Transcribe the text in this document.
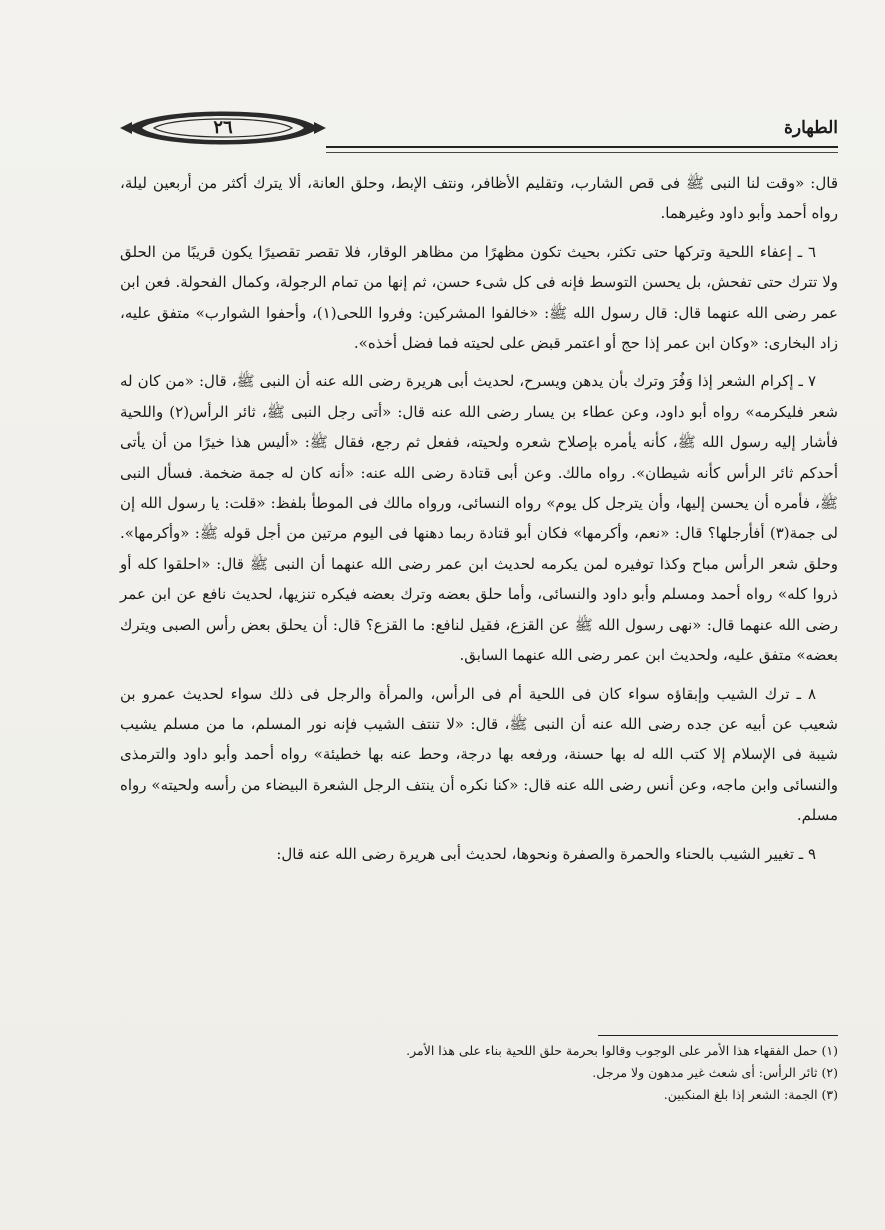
٢٦	الطهارة

قال: «وقت لنا النبى ﷺ فى قص الشارب، وتقليم الأظافر، ونتف الإبط، وحلق العانة، ألا يترك أكثر من أربعين ليلة، رواه أحمد وأبو داود وغيرهما.

٦ ـ إعفاء اللحية وتركها حتى تكثر، بحيث تكون مظهرًا من مظاهر الوقار، فلا تقصر تقصيرًا يكون قريبًا من الحلق ولا تترك حتى تفحش، بل يحسن التوسط فإنه فى كل شىء حسن، ثم إنها من تمام الرجولة، وكمال الفحولة. فعن ابن عمر رضى الله عنهما قال: قال رسول الله ﷺ: «خالفوا المشركين: وفروا اللحى(١)، وأحفوا الشوارب» متفق عليه، زاد البخارى: «وكان ابن عمر إذا حج أو اعتمر قبض على لحيته فما فضل أخذه».

٧ ـ إكرام الشعر إذا وَفُرَ وترك بأن يدهن ويسرح، لحديث أبى هريرة رضى الله عنه أن النبى ﷺ، قال: «من كان له شعر فليكرمه» رواه أبو داود، وعن عطاء بن يسار رضى الله عنه قال: «أتى رجل النبى ﷺ، ثائر الرأس(٢) واللحية فأشار إليه رسول الله ﷺ، كأنه يأمره بإصلاح شعره ولحيته، ففعل ثم رجع، فقال ﷺ: «أليس هذا خيرًا من أن يأتى أحدكم ثائر الرأس كأنه شيطان». رواه مالك. وعن أبى قتادة رضى الله عنه: «أنه كان له جمة ضخمة. فسأل النبى ﷺ، فأمره أن يحسن إليها، وأن يترجل كل يوم» رواه النسائى، ورواه مالك فى الموطأ بلفظ: «قلت: يا رسول الله إن لى جمة(٣) أفأرجلها؟ قال: «نعم، وأكرمها» فكان أبو قتادة ربما دهنها فى اليوم مرتين من أجل قوله ﷺ: «وأكرمها». وحلق شعر الرأس مباح وكذا توفيره لمن يكرمه لحديث ابن عمر رضى الله عنهما أن النبى ﷺ قال: «احلقوا كله أو ذروا كله» رواه أحمد ومسلم وأبو داود والنسائى، وأما حلق بعضه وترك بعضه فيكره تنزيها، لحديث نافع عن ابن عمر رضى الله عنهما قال: «نهى رسول الله ﷺ عن القزع، فقيل لنافع: ما القزع؟ قال: أن يحلق بعض رأس الصبى ويترك بعضه» متفق عليه، ولحديث ابن عمر رضى الله عنهما السابق.

٨ ـ ترك الشيب وإبقاؤه سواء كان فى اللحية أم فى الرأس، والمرأة والرجل فى ذلك سواء لحديث عمرو بن شعيب عن أبيه عن جده رضى الله عنه أن النبى ﷺ، قال: «لا تنتف الشيب فإنه نور المسلم، ما من مسلم يشيب شيبة فى الإسلام إلا كتب الله له بها حسنة، ورفعه بها درجة، وحط عنه بها خطيئة» رواه أحمد وأبو داود والترمذى والنسائى وابن ماجه، وعن أنس رضى الله عنه قال: «كنا نكره أن ينتف الرجل الشعرة البيضاء من رأسه ولحيته» رواه مسلم.

٩ ـ تغيير الشيب بالحناء والحمرة والصفرة ونحوها، لحديث أبى هريرة رضى الله عنه قال:

(١) حمل الفقهاء هذا الأمر على الوجوب وقالوا بحرمة حلق اللحية بناء على هذا الأمر.
(٢) ثائر الرأس: أى شعث غير مدهون ولا مرجل.
(٣) الجمة: الشعر إذا بلغ المنكبين.
